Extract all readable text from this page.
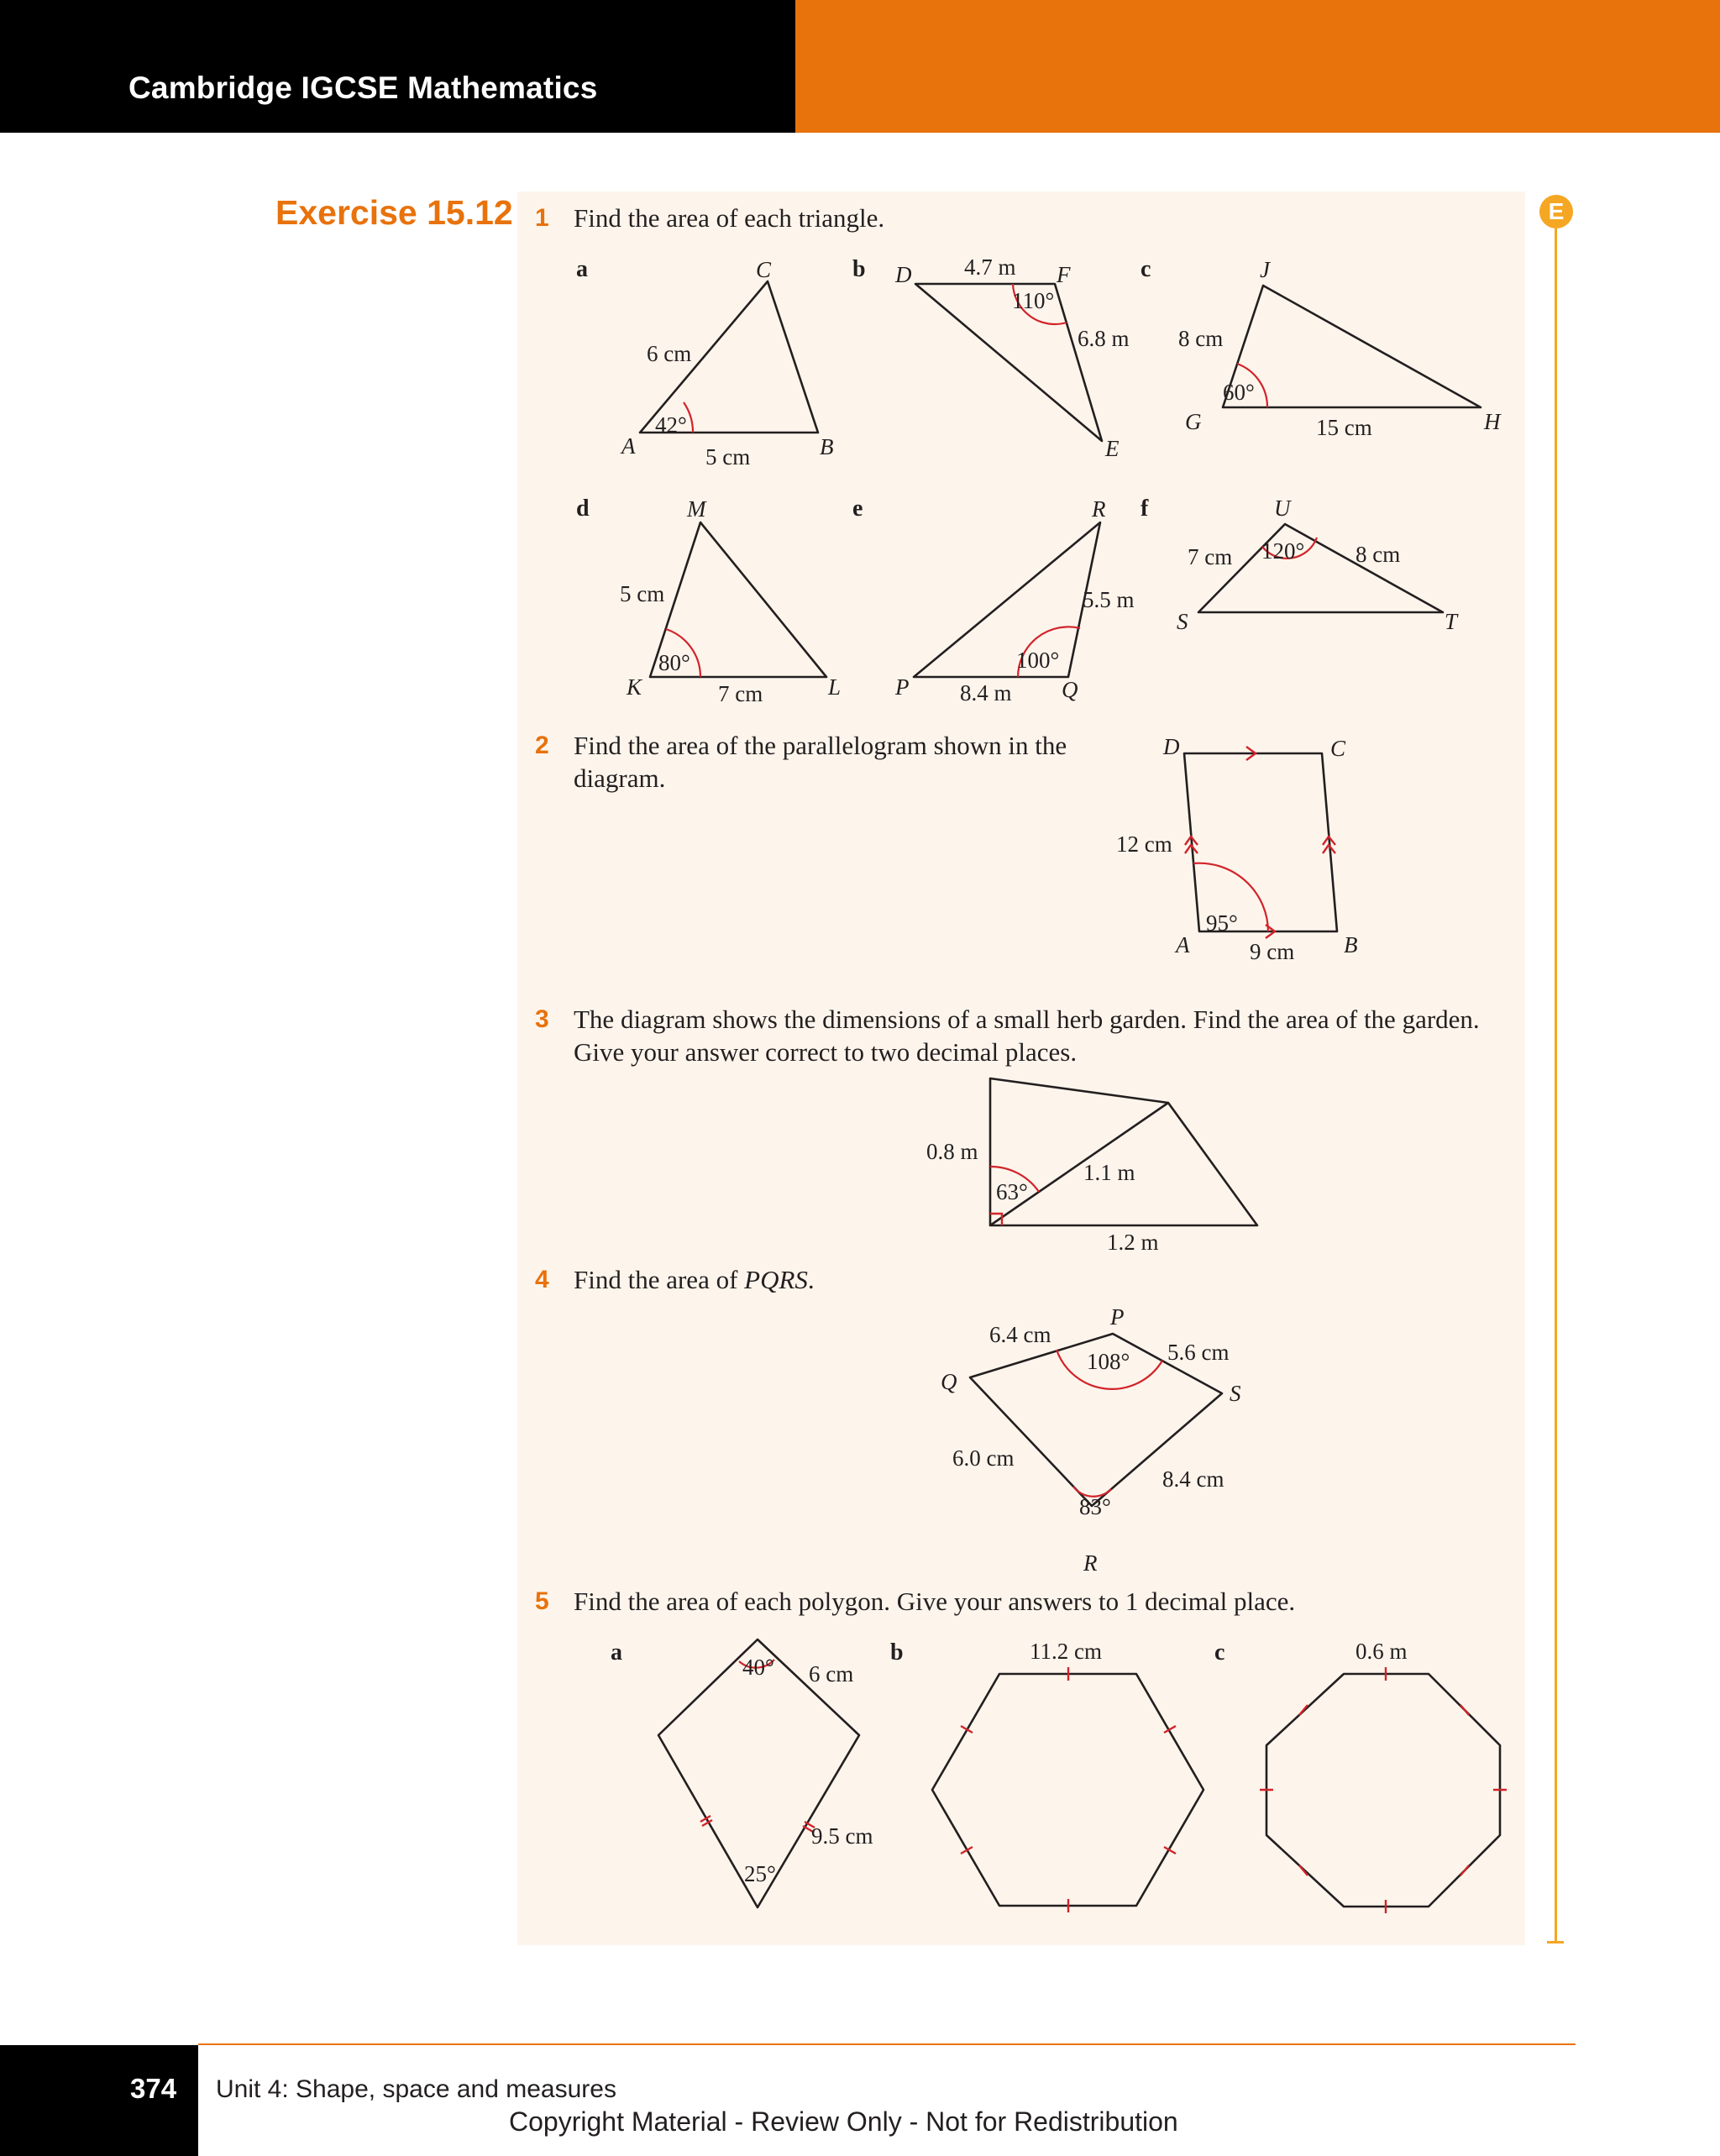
Cambridge IGCSE Mathematics
Exercise 15.12	E
1 Find the area of each triangle.
2 Find the area of the parallelogram shown in the diagram.
3 The diagram shows the dimensions of a small herb garden. Find the area of the garden. Give your answer correct to two decimal places.
4 Find the area of PQRS.
5 Find the area of each polygon. Give your answers to 1 decimal place.
a	C
A	B
6 cm
5 cm
42°
b D	F
E
4.7 m
6.8 m
110°
c	J
G	H
8 cm
15 cm
60°
d	M
K	L
5 cm
7 cm
80°
e	R
P	Q
5.5 m
8.4 m
100°
f	U
S	T
7 cm	8 cm
120°
D	C
A	B
12 cm
9 cm
95°
0.8 m
1.1 m
1.2 m
63°
P
Q
R
S
6.4 cm
5.6 cm
6.0 cm
8.4 cm
108°
83°
a
6 cm
9.5 cm
40°
25°
b	11.2 cm	c	0.6 m
374 Unit 4: Shape, space and measures
Copyright Material - Review Only - Not for Redistribution
